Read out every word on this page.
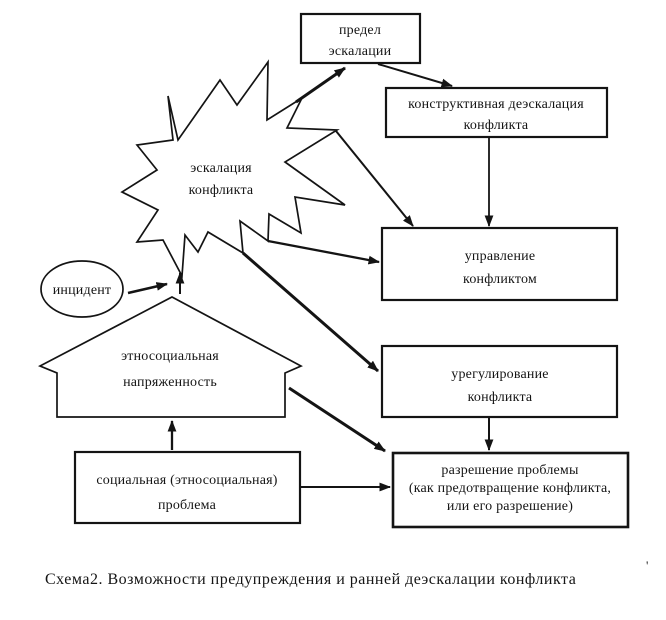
эскалация
конфликта
инцидент
этносоциальная
напряженность
предел
эскалации
конструктивная деэскалация
конфликта
управление
конфликтом
урегулирование
конфликта
социальная (этносоциальная)
проблема
разрешение проблемы
(как предотвращение конфликта,
или его разрешение)
Схема2. Возможности предупреждения и ранней деэскалации конфликта
'
